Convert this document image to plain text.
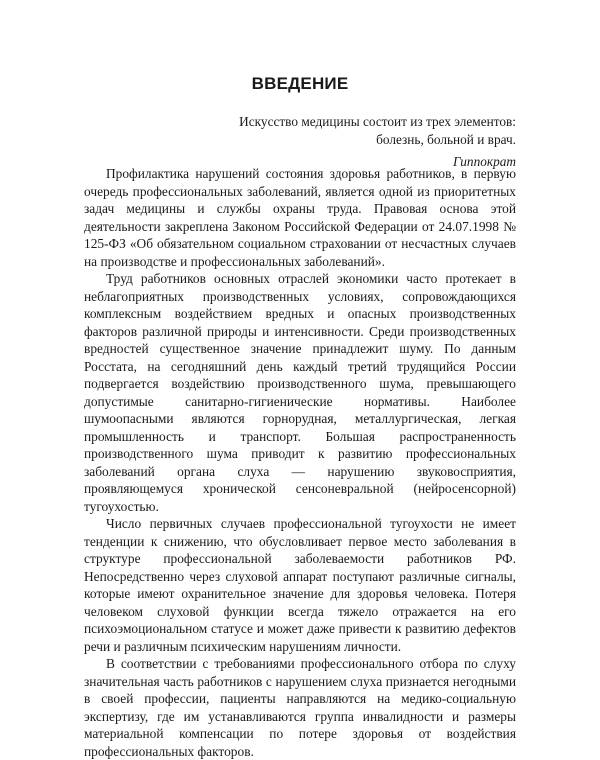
ВВЕДЕНИЕ
Искусство медицины состоит из трех элементов:
болезнь, больной и врач.
Гиппократ

Профилактика нарушений состояния здоровья работников, в первую очередь профессиональных заболеваний, является одной из приоритетных задач медицины и службы охраны труда. Правовая основа этой деятельности закреплена Законом Российской Федерации от 24.07.1998 № 125-ФЗ «Об обязательном социальном страховании от несчастных случаев на производстве и профессиональных заболеваний».

Труд работников основных отраслей экономики часто протекает в неблагоприятных производственных условиях, сопровождающихся комплексным воздействием вредных и опасных производственных факторов различной природы и интенсивности. Среди производственных вредностей существенное значение принадлежит шуму. По данным Росстата, на сегодняшний день каждый третий трудящийся России подвергается воздействию производственного шума, превышающего допустимые санитарно-гигиенические нормативы. Наиболее шумоопасными являются горнорудная, металлургическая, легкая промышленность и транспорт. Большая распространенность производственного шума приводит к развитию профессиональных заболеваний органа слуха — нарушению звуковосприятия, проявляющемуся хронической сенсоневральной (нейросенсорной) тугоухостью.

Число первичных случаев профессиональной тугоухости не имеет тенденции к снижению, что обусловливает первое место заболевания в структуре профессиональной заболеваемости работников РФ. Непосредственно через слуховой аппарат поступают различные сигналы, которые имеют охранительное значение для здоровья человека. Потеря человеком слуховой функции всегда тяжело отражается на его психоэмоциональном статусе и может даже привести к развитию дефектов речи и различным психическим нарушениям личности.

В соответствии с требованиями профессионального отбора по слуху значительная часть работников с нарушением слуха признается негодными в своей профессии, пациенты направляются на медико-социальную экспертизу, где им устанавливаются группа инвалидности и размеры материальной компенсации по потере здоровья от воздействия профессиональных факторов.
